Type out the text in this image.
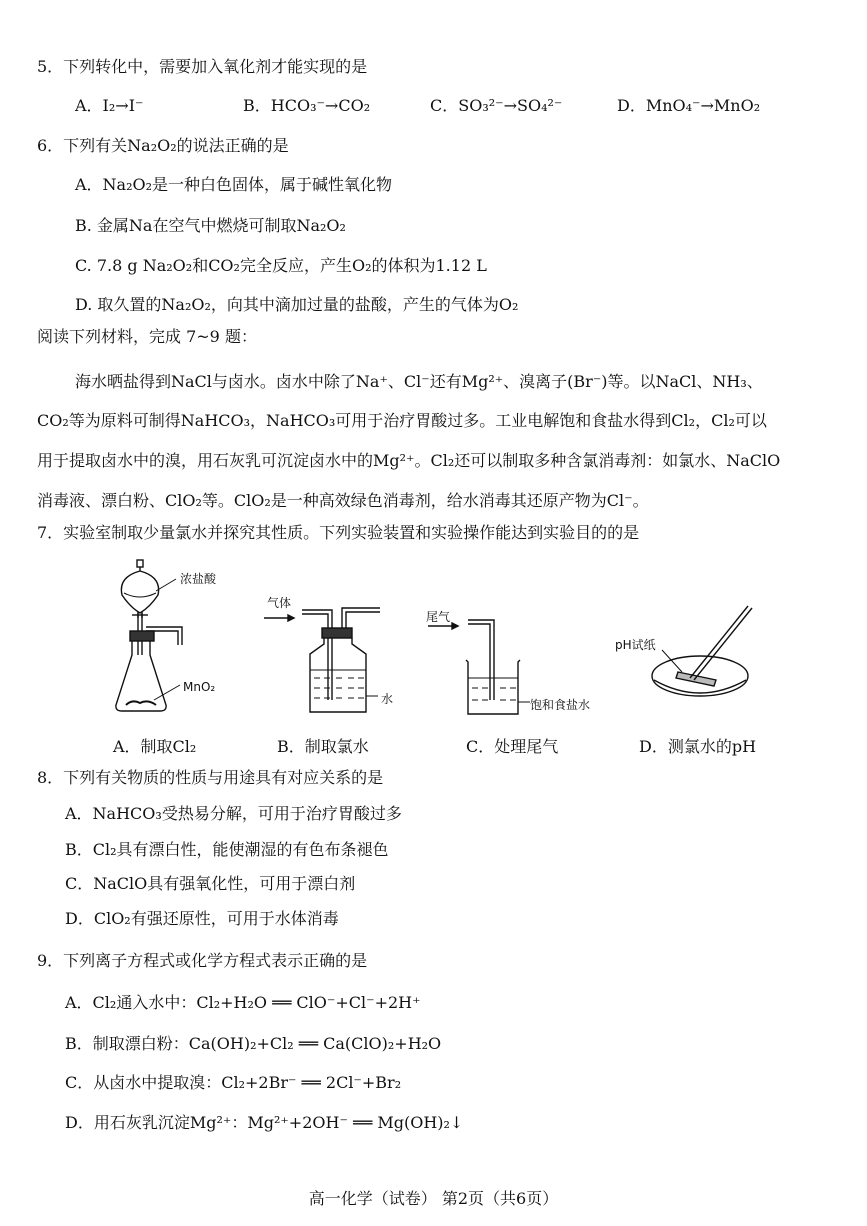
5．下列转化中，需要加入氧化剂才能实现的是
A．I₂→I⁻	B．HCO₃⁻→CO₂	C．SO₃²⁻→SO₄²⁻	D．MnO₄⁻→MnO₂
6．下列有关Na₂O₂的说法正确的是
A．Na₂O₂是一种白色固体，属于碱性氧化物
B. 金属Na在空气中燃烧可制取Na₂O₂
C. 7.8 g Na₂O₂和CO₂完全反应，产生O₂的体积为1.12 L
D. 取久置的Na₂O₂，向其中滴加过量的盐酸，产生的气体为O₂
阅读下列材料，完成 7~9 题：
海水晒盐得到NaCl与卤水。卤水中除了Na⁺、Cl⁻还有Mg²⁺、溴离子(Br⁻)等。以NaCl、NH₃、
CO₂等为原料可制得NaHCO₃，NaHCO₃可用于治疗胃酸过多。工业电解饱和食盐水得到Cl₂，Cl₂可以
用于提取卤水中的溴，用石灰乳可沉淀卤水中的Mg²⁺。Cl₂还可以制取多种含氯消毒剂：如氯水、NaClO
消毒液、漂白粉、ClO₂等。ClO₂是一种高效绿色消毒剂，给水消毒其还原产物为Cl⁻。
7．实验室制取少量氯水并探究其性质。下列实验装置和实验操作能达到实验目的的是
浓盐酸
MnO₂
气体
水
尾气
饱和食盐水
pH试纸
A．制取Cl₂	B．制取氯水	C．处理尾气	D．测氯水的pH
8．下列有关物质的性质与用途具有对应关系的是
A．NaHCO₃受热易分解，可用于治疗胃酸过多
B．Cl₂具有漂白性，能使潮湿的有色布条褪色
C．NaClO具有强氧化性，可用于漂白剂
D．ClO₂有强还原性，可用于水体消毒
9．下列离子方程式或化学方程式表示正确的是
A．Cl₂通入水中：Cl₂+H₂O ══ ClO⁻+Cl⁻+2H⁺
B．制取漂白粉：Ca(OH)₂+Cl₂ ══ Ca(ClO)₂+H₂O
C．从卤水中提取溴：Cl₂+2Br⁻ ══ 2Cl⁻+Br₂
D．用石灰乳沉淀Mg²⁺：Mg²⁺+2OH⁻ ══ Mg(OH)₂↓
高一化学（试卷） 第2页（共6页）
